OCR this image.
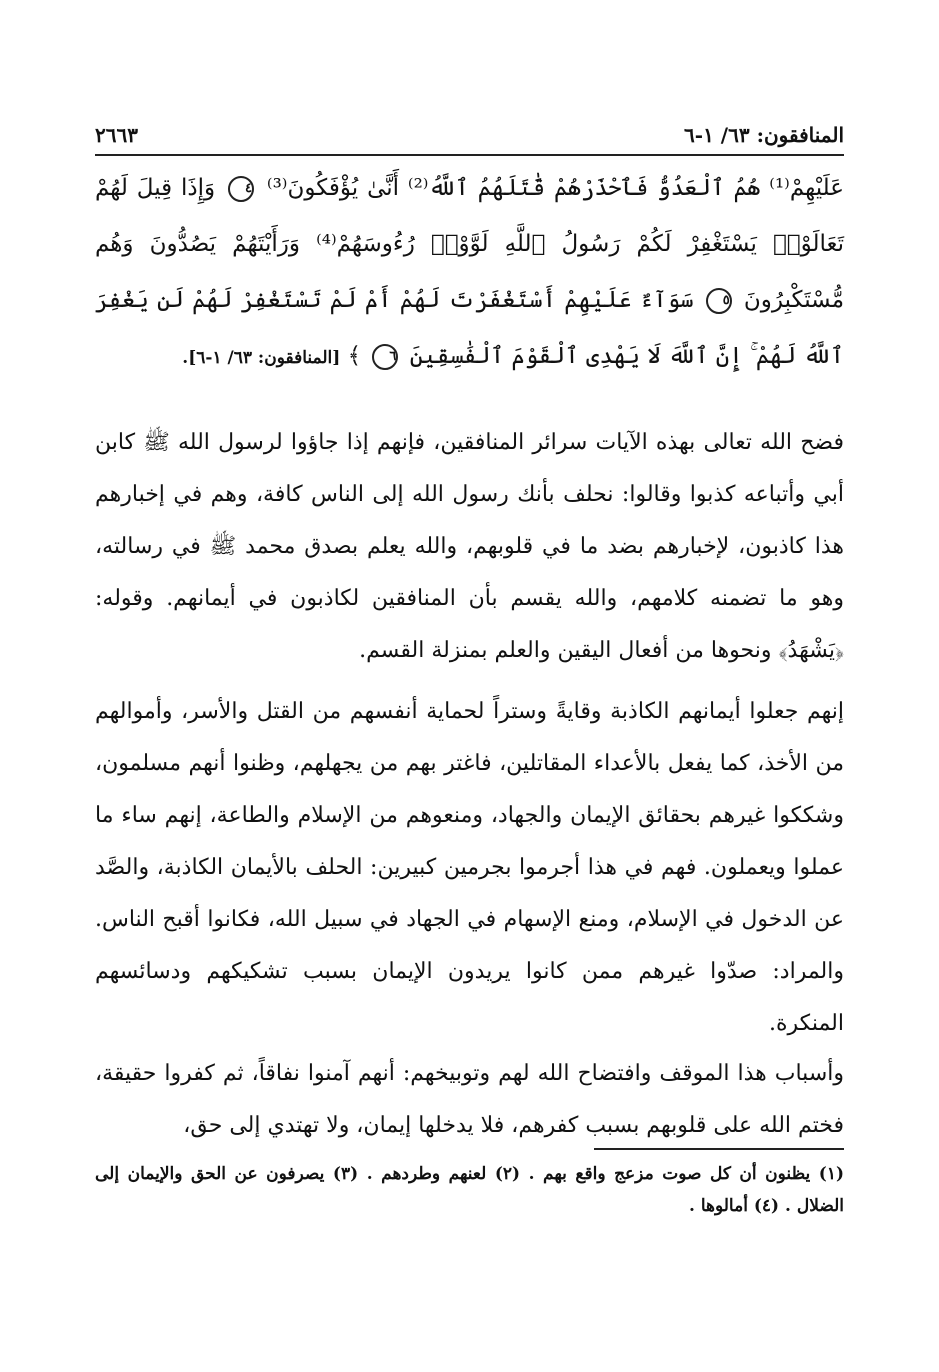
٢٦٦٣	المنافقون: ٦٣/ ١-٦
عَلَيْهِمْ⁽¹⁾ هُمُ ٱلْعَدُوُّ فَٱحْذَرْهُمْ قَٰتَلَهُمُ ٱللَّهُ⁽²⁾ أَنَّىٰ يُؤْفَكُونَ⁽³⁾ ٤ وَإِذَا قِيلَ لَهُمْ تَعَالَوْا۟ يَسْتَغْفِرْ لَكُمْ رَسُولُ ٱللَّهِ لَوَّوْا۟ رُءُوسَهُمْ⁽⁴⁾ وَرَأَيْتَهُمْ يَصُدُّونَ وَهُم مُّسْتَكْبِرُونَ ٥ سَوَآءٌ عَلَيْهِمْ أَسْتَغْفَرْتَ لَهُمْ أَمْ لَمْ تَسْتَغْفِرْ لَهُمْ لَن يَغْفِرَ ٱللَّهُ لَهُمْ ۚ إِنَّ ٱللَّهَ لَا يَهْدِى ٱلْقَوْمَ ٱلْفَٰسِقِينَ ٦ ﴾ [المنافقون: ٦٣/ ١-٦].

فضح الله تعالى بهذه الآيات سرائر المنافقين، فإنهم إذا جاؤوا لرسول الله ﷺ كابن أبي وأتباعه كذبوا وقالوا: نحلف بأنك رسول الله إلى الناس كافة، وهم في إخبارهم هذا كاذبون، لإخبارهم بضد ما في قلوبهم، والله يعلم بصدق محمد ﷺ في رسالته، وهو ما تضمنه كلامهم، والله يقسم بأن المنافقين لكاذبون في أيمانهم. وقوله: ﴿يَشْهَدُ﴾ ونحوها من أفعال اليقين والعلم بمنزلة القسم.

إنهم جعلوا أيمانهم الكاذبة وقايةً وستراً لحماية أنفسهم من القتل والأسر، وأموالهم من الأخذ، كما يفعل بالأعداء المقاتلين، فاغتر بهم من يجهلهم، وظنوا أنهم مسلمون، وشككوا غيرهم بحقائق الإيمان والجهاد، ومنعوهم من الإسلام والطاعة، إنهم ساء ما عملوا ويعملون. فهم في هذا أجرموا بجرمين كبيرين: الحلف بالأيمان الكاذبة، والصَّد عن الدخول في الإسلام، ومنع الإسهام في الجهاد في سبيل الله، فكانوا أقبح الناس. والمراد: صدّوا غيرهم ممن كانوا يريدون الإيمان بسبب تشكيكهم ودسائسهم المنكرة.

وأسباب هذا الموقف وافتضاح الله لهم وتوبيخهم: أنهم آمنوا نفاقاً، ثم كفروا حقيقة، فختم الله على قلوبهم بسبب كفرهم، فلا يدخلها إيمان، ولا تهتدي إلى حق،

(١) يظنون أن كل صوت مزعج واقع بهم . (٢) لعنهم وطردهم . (٣) يصرفون عن الحق والإيمان إلى الضلال . (٤) أمالوها .
